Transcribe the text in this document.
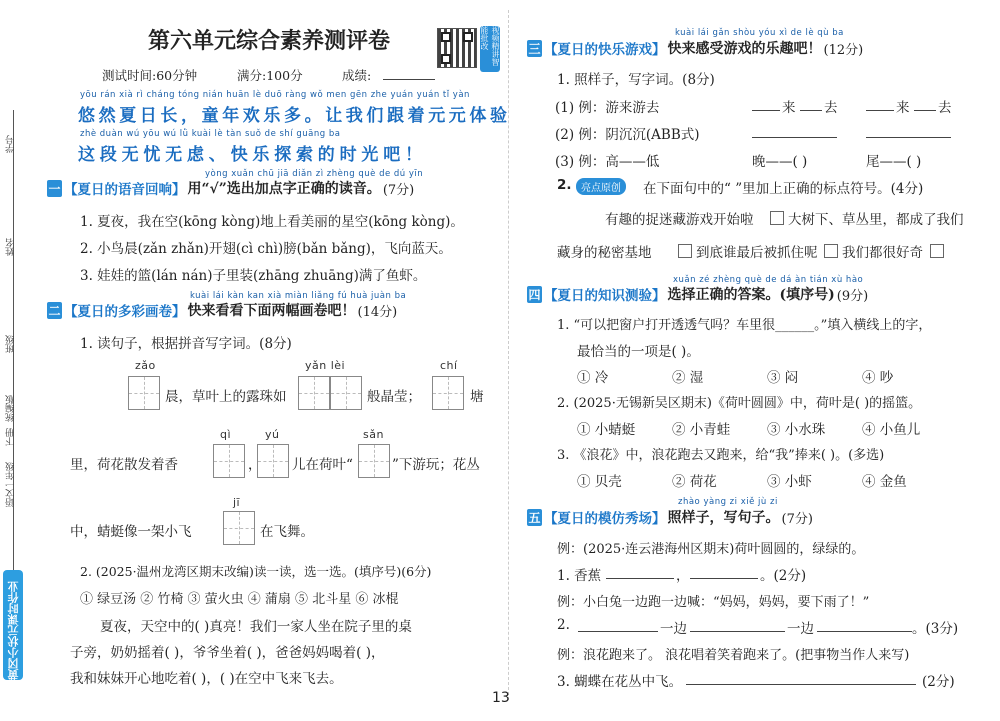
学号
姓名
班级
统编版
下册
语文一年级
黄冈小状元课时作业本
第六单元综合素养测评卷	视频精讲智能批改
测试时间:60分钟	满分:100分	成绩:
yōu rán xià rì cháng tóng nián huān lè duō ràng wǒ men gēn zhe yuán yuán tǐ yàn
悠然夏日长，童年欢乐多。让我们跟着元元体验
zhè duàn wú yōu wú lǜ kuài lè tàn suǒ de shí guāng ba
这段无忧无虑、快乐探索的时光吧！
yòng xuǎn chū jiā diǎn zì zhèng què de dú yīn
一 【夏日的语音回响】 用“√”选出加点字正确的读音。 (7分)
1. 夏夜，我在空(kōng kòng)地上看美丽的星空(kōng kòng)。
2. 小鸟晨(zǎn zhǎn)开翅(cì chì)膀(bǎn bǎng)，飞向蓝天。
3. 娃娃的篮(lán nán)子里装(zhāng zhuāng)满了鱼虾。
kuài lái kàn kan xià miàn liǎng fú huà juàn ba
二 【夏日的多彩画卷】 快来看看下面两幅画卷吧！ (14分)
1. 读句子，根据拼音写字词。(8分)
zǎo
晨，草叶上的露珠如
yǎn lèi
般晶莹；
chí
塘
qì	yú	sǎn
里，荷花散发着香	， 儿在荷叶“	”下游玩；花丛
jī
中，蜻蜓像一架小飞	在飞舞。
2. (2025·温州龙湾区期末改编)读一读，选一选。(填序号)(6分)
① 绿豆汤 ② 竹椅 ③ 萤火虫 ④ 蒲扇 ⑤ 北斗星 ⑥ 冰棍
夏夜，天空中的( )真亮！我们一家人坐在院子里的桌
子旁，奶奶摇着( )，爷爷坐着( )，爸爸妈妈喝着( )，
我和妹妹开心地吃着( )，( )在空中飞来飞去。
kuài lái gǎn shòu yóu xì de lè qù ba
三 【夏日的快乐游戏】 快来感受游戏的乐趣吧！ (12分)
1. 照样子，写字词。(8分)
(1) 例：游来游去	来 去	来 去
(2) 例：阴沉沉(ABB式)
(3) 例：高——低	晚——( )	尾——( )
2. 亮点原创	在下面句中的“ ”里加上正确的标点符号。(4分)
有趣的捉迷藏游戏开始啦	大树下、草丛里，都成了我们
藏身的秘密基地	到底谁最后被抓住呢 我们都很好奇
xuǎn zé zhèng què de dá àn tián xù hào
四 【夏日的知识测验】 选择正确的答案。(填序号) (9分)
1. “可以把窗户打开透透气吗？车里很______。”填入横线上的字，
最恰当的一项是( )。
① 冷	② 湿	③ 闷	④ 吵
2. (2025·无锡新吴区期末)《荷叶圆圆》中，荷叶是( )的摇篮。
① 小蜻蜓	② 小青蛙	③ 小水珠	④ 小鱼儿
3. 《浪花》中，浪花跑去又跑来，给“我”捧来( )。(多选)
① 贝壳	② 荷花	③ 小虾	④ 金鱼
zhào yàng zi xiě jù zi
五 【夏日的模仿秀场】 照样子，写句子。 (7分)
例：(2025·连云港海州区期末)荷叶圆圆的，绿绿的。
1. 香蕉	，	。(2分)
例：小白兔一边跑一边喊：“妈妈，妈妈，要下雨了！”
2.	一边	一边	。(3分)
例：浪花跑来了。 浪花唱着笑着跑来了。(把事物当作人来写)
3. 蝴蝶在花丛中飞。	(2分)
13
